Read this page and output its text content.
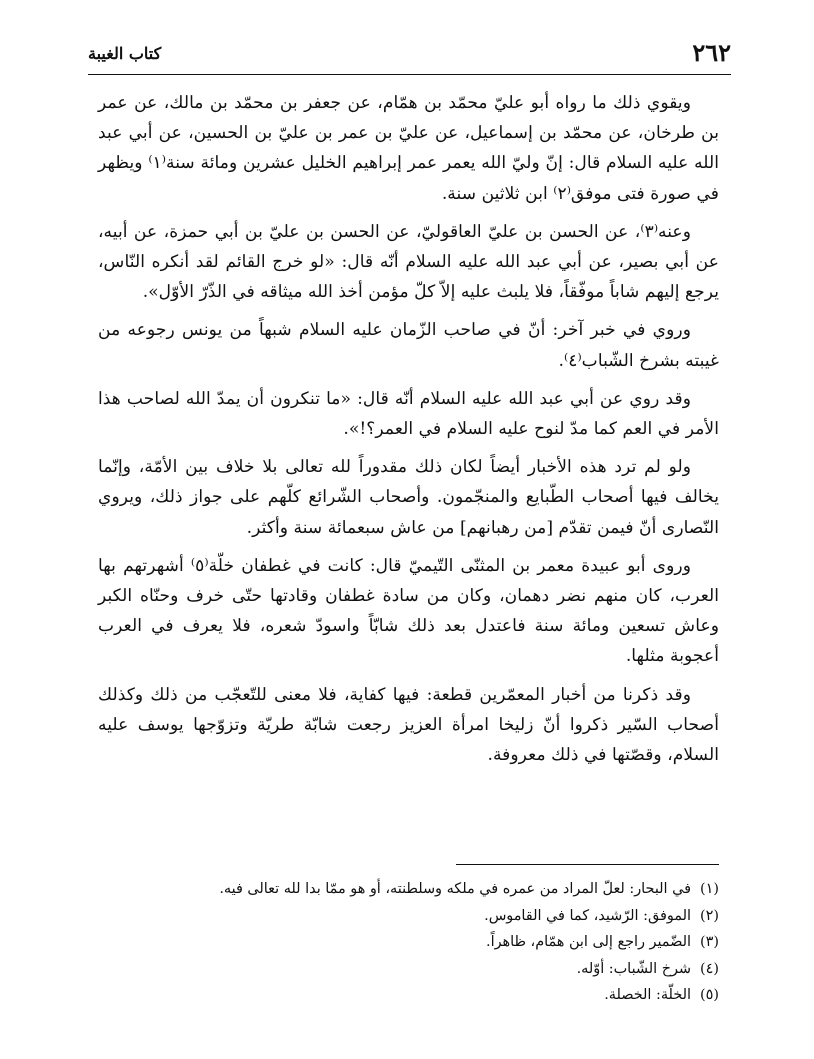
٢٦٢
كتاب الغيبة

ويقوي ذلك ما رواه أبو عليّ محمّد بن همّام، عن جعفر بن محمّد بن مالك، عن عمر بن طرخان، عن محمّد بن إسماعيل، عن عليّ بن عمر بن عليّ بن الحسين، عن أبي عبد الله عليه السلام قال: إنّ وليّ الله يعمر عمر إبراهيم الخليل عشرين ومائة سنة⁽١⁾ ويظهر في صورة فتى موفق⁽٢⁾ ابن ثلاثين سنة.

وعنه⁽٣⁾، عن الحسن بن عليّ العاقوليّ، عن الحسن بن عليّ بن أبي حمزة، عن أبيه، عن أبي بصير، عن أبي عبد الله عليه السلام أنّه قال: «لو خرج القائم لقد أنكره النّاس، يرجع إليهم شاباً موفّقاً، فلا يلبث عليه إلاّ كلّ مؤمن أخذ الله ميثاقه في الذّرّ الأوّل».

وروي في خبر آخر: أنّ في صاحب الزّمان عليه السلام شبهاً من يونس رجوعه من غيبته بشرخ الشّباب⁽٤⁾.

وقد روي عن أبي عبد الله عليه السلام أنّه قال: «ما تنكرون أن يمدّ الله لصاحب هذا الأمر في العم كما مدّ لنوح عليه السلام في العمر؟!».

ولو لم ترد هذه الأخبار أيضاً لكان ذلك مقدوراً لله تعالى بلا خلاف بين الأمّة، وإنّما يخالف فيها أصحاب الطّبايع والمنجّمون. وأصحاب الشّرائع كلّهم على جواز ذلك، ويروي النّصارى أنّ فيمن تقدّم [من رهبانهم] من عاش سبعمائة سنة وأكثر.

وروى أبو عبيدة معمر بن المثنّى التّيميّ قال: كانت في غطفان خلّة⁽٥⁾ أشهرتهم بها العرب، كان منهم نضر دهمان، وكان من سادة غطفان وقادتها حتّى خرف وحنّاه الكبر وعاش تسعين ومائة سنة فاعتدل بعد ذلك شابّاً واسودّ شعره، فلا يعرف في العرب أعجوبة مثلها.

وقد ذكرنا من أخبار المعمّرين قطعة: فيها كفاية، فلا معنى للتّعجّب من ذلك وكذلك أصحاب السّير ذكروا أنّ زليخا امرأة العزيز رجعت شابّة طريّة وتزوّجها يوسف عليه السلام، وقصّتها في ذلك معروفة.

(١)في البحار: لعلّ المراد من عمره في ملكه وسلطنته، أو هو ممّا بدا لله تعالى فيه.
(٢)الموفق: الرّشيد، كما في القاموس.
(٣)الضّمير راجع إلى ابن همّام، ظاهراً.
(٤)شرخ الشّباب: أوّله.
(٥)الخلّة: الخصلة.
